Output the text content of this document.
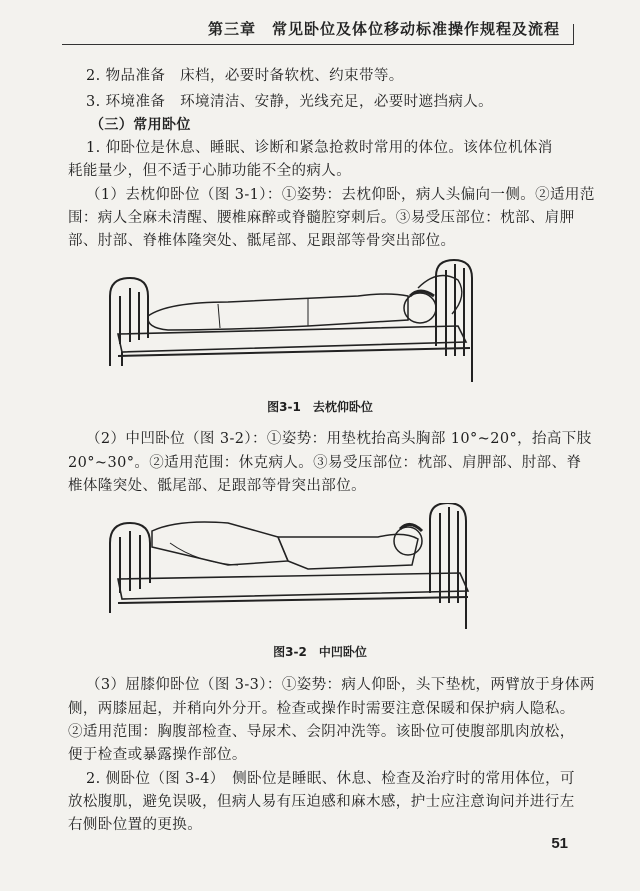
第三章　常见卧位及体位移动标准操作规程及流程
2. 物品准备　床档，必要时备软枕、约束带等。
3. 环境准备　环境清洁、安静，光线充足，必要时遮挡病人。
（三）常用卧位
1. 仰卧位是休息、睡眠、诊断和紧急抢救时常用的体位。该体位机体消
耗能量少，但不适于心肺功能不全的病人。
（1）去枕仰卧位（图 3-1）：①姿势：去枕仰卧，病人头偏向一侧。②适用范
围：病人全麻未清醒、腰椎麻醉或脊髓腔穿刺后。③易受压部位：枕部、肩胛
部、肘部、脊椎体隆突处、骶尾部、足跟部等骨突出部位。
图3-1　去枕仰卧位
（2）中凹卧位（图 3-2）：①姿势：用垫枕抬高头胸部 10°~20°，抬高下肢
20°~30°。②适用范围：休克病人。③易受压部位：枕部、肩胛部、肘部、脊
椎体隆突处、骶尾部、足跟部等骨突出部位。
图3-2　中凹卧位
（3）屈膝仰卧位（图 3-3）：①姿势：病人仰卧，头下垫枕，两臂放于身体两
侧，两膝屈起，并稍向外分开。检查或操作时需要注意保暖和保护病人隐私。
②适用范围：胸腹部检查、导尿术、会阴冲洗等。该卧位可使腹部肌肉放松，
便于检查或暴露操作部位。
2. 侧卧位（图 3-4）　侧卧位是睡眠、休息、检查及治疗时的常用体位，可
放松腹肌，避免误吸，但病人易有压迫感和麻木感，护士应注意询问并进行左
右侧卧位置的更换。
51
